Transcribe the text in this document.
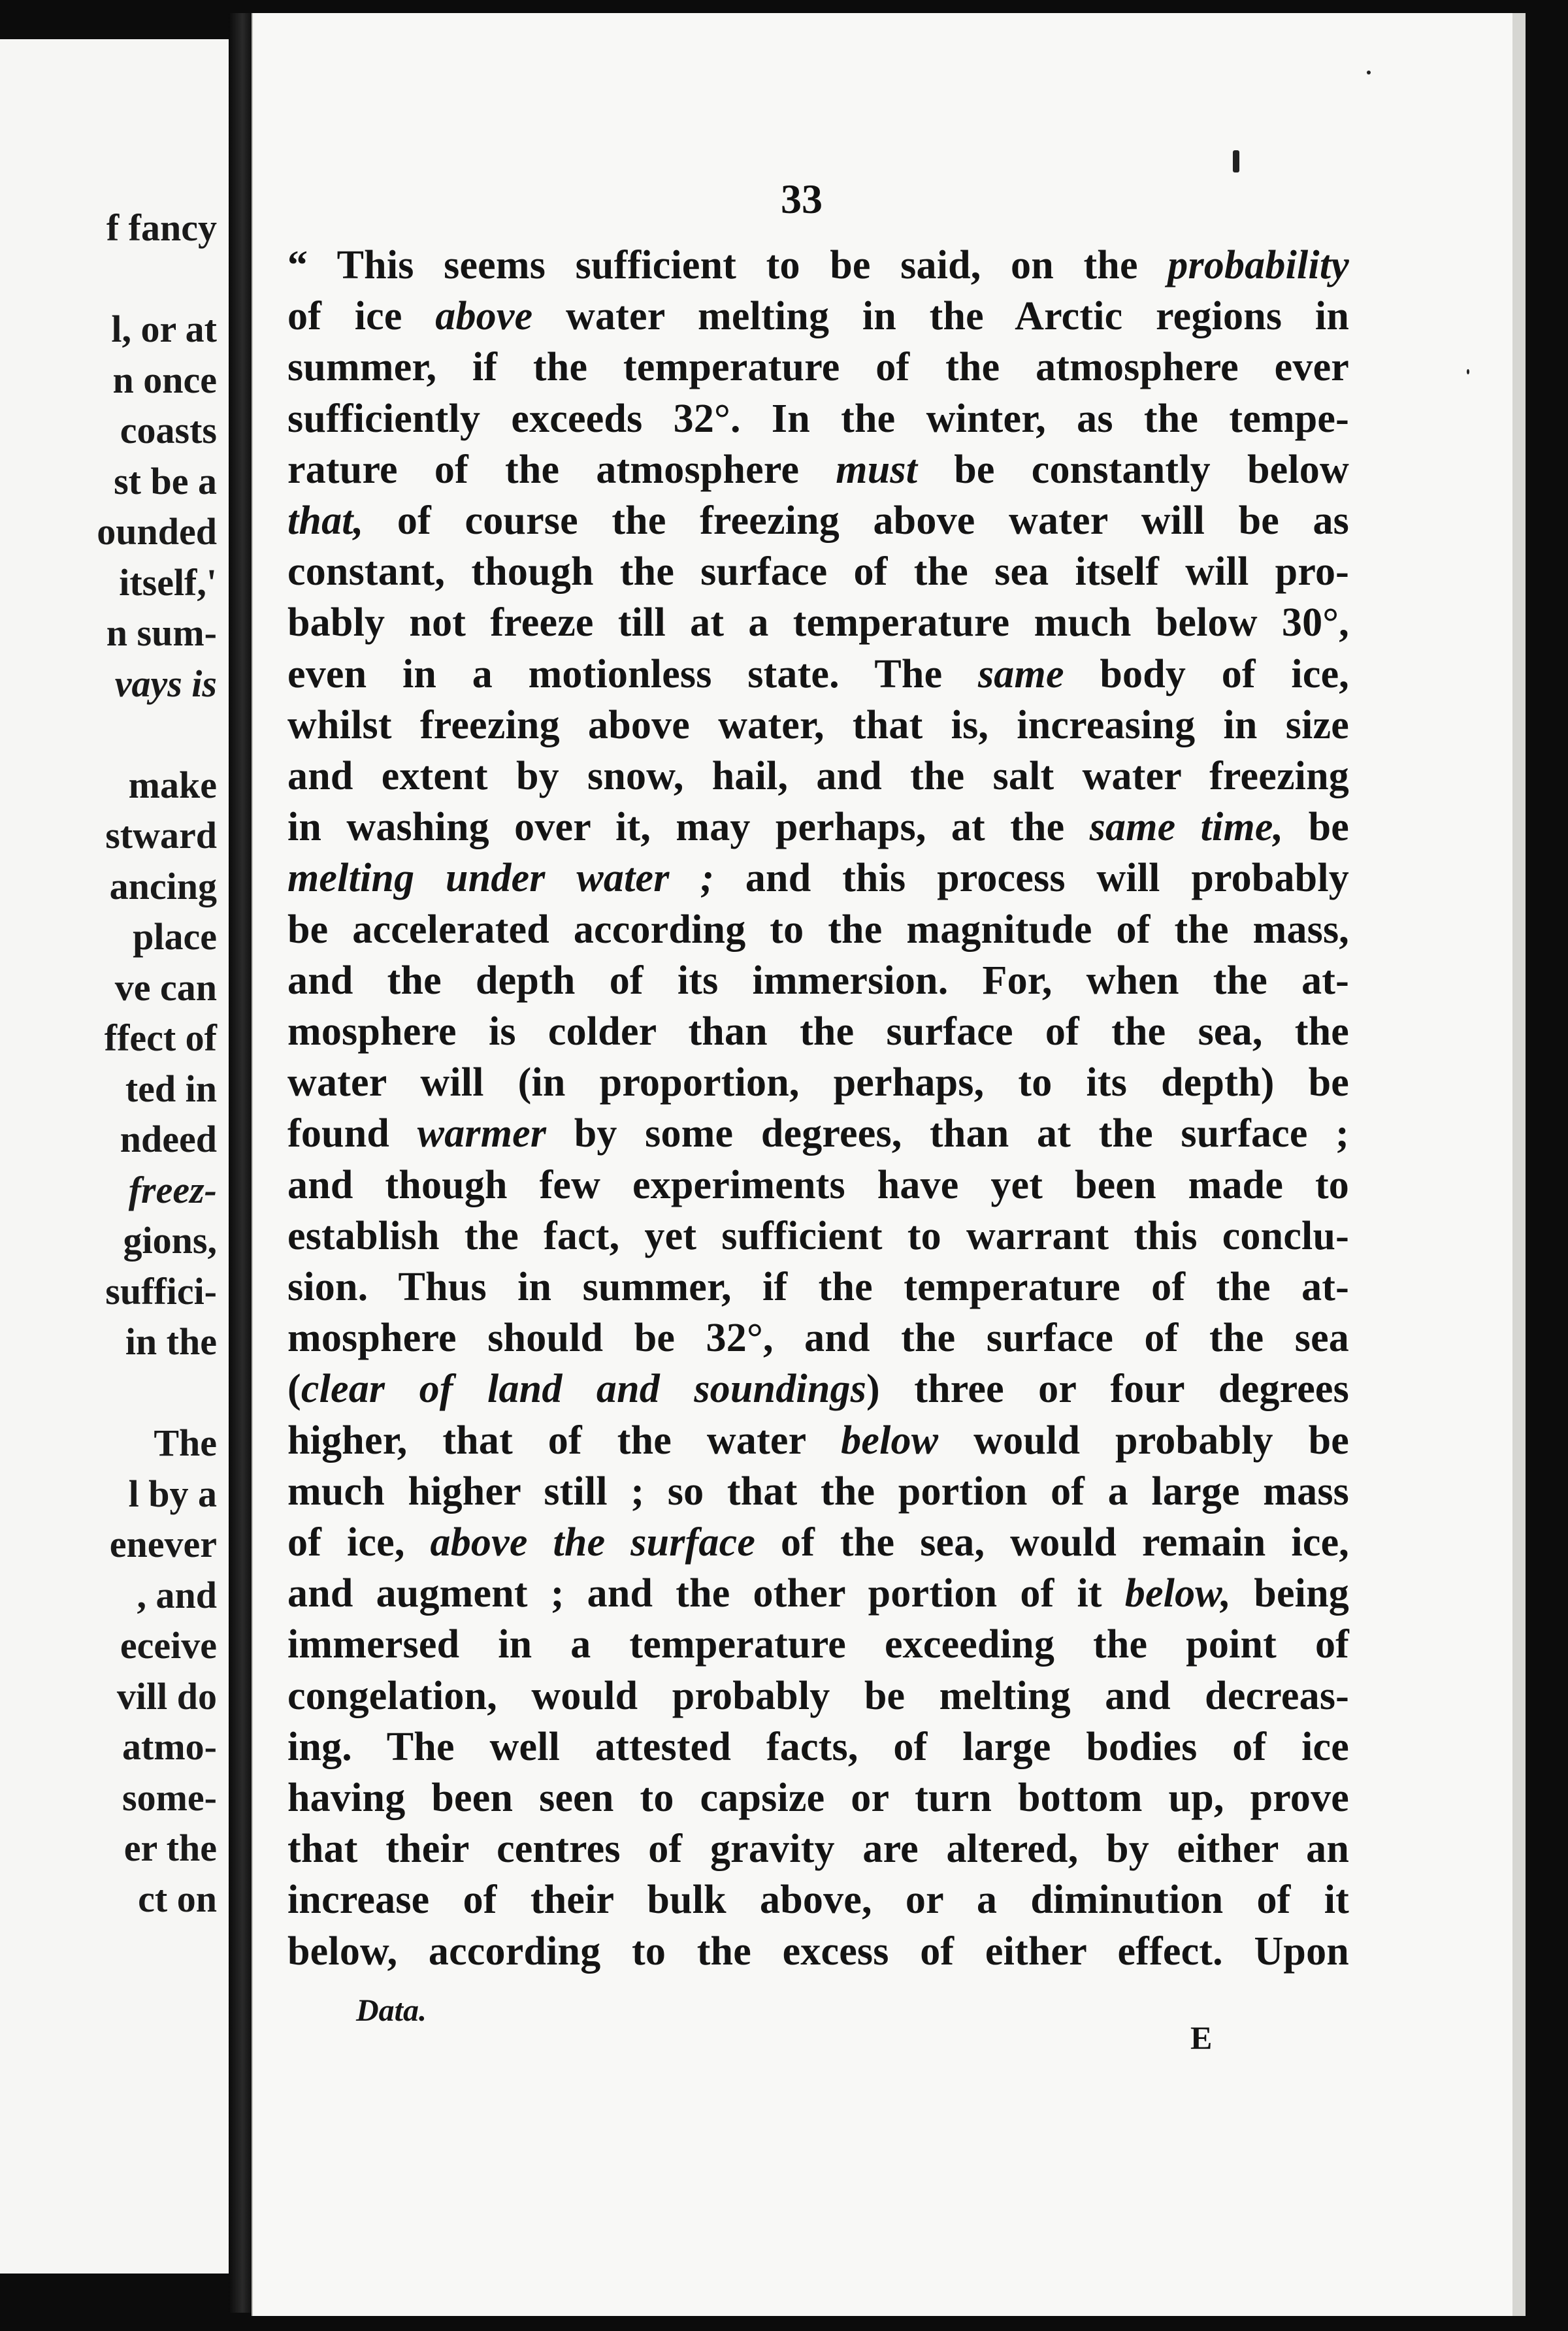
f fancy
l, or at
n once
coasts
st be a
ounded
itself,'
n sum-
vays is
make
stward
ancing
place
ve can
ffect of
ted in
ndeed
freez-
gions,
suffici-
in the
The
l by a
enever
, and
eceive
vill do
atmo-
some-
er the
ct on
33
“ This seems sufficient to be said, on the probability
of ice above water melting in the Arctic regions in
summer, if the temperature of the atmosphere ever
sufficiently exceeds 32°. In the winter, as the tempe-
rature of the atmosphere must be constantly below
that, of course the freezing above water will be as
constant, though the surface of the sea itself will pro-
bably not freeze till at a temperature much below 30°,
even in a motionless state. The same body of ice,
whilst freezing above water, that is, increasing in size
and extent by snow, hail, and the salt water freezing
in washing over it, may perhaps, at the same time, be
melting under water ; and this process will probably
be accelerated according to the magnitude of the mass,
and the depth of its immersion. For, when the at-
mosphere is colder than the surface of the sea, the
water will (in proportion, perhaps, to its depth) be
found warmer by some degrees, than at the surface ;
and though few experiments have yet been made to
establish the fact, yet sufficient to warrant this conclu-
sion. Thus in summer, if the temperature of the at-
mosphere should be 32°, and the surface of the sea
(clear of land and soundings) three or four degrees
higher, that of the water below would probably be
much higher still ; so that the portion of a large mass
of ice, above the surface of the sea, would remain ice,
and augment ; and the other portion of it below, being
immersed in a temperature exceeding the point of
congelation, would probably be melting and decreas-
ing. The well attested facts, of large bodies of ice
having been seen to capsize or turn bottom up, prove
that their centres of gravity are altered, by either an
increase of their bulk above, or a diminution of it
below, according to the excess of either effect. Upon
Data.
E
